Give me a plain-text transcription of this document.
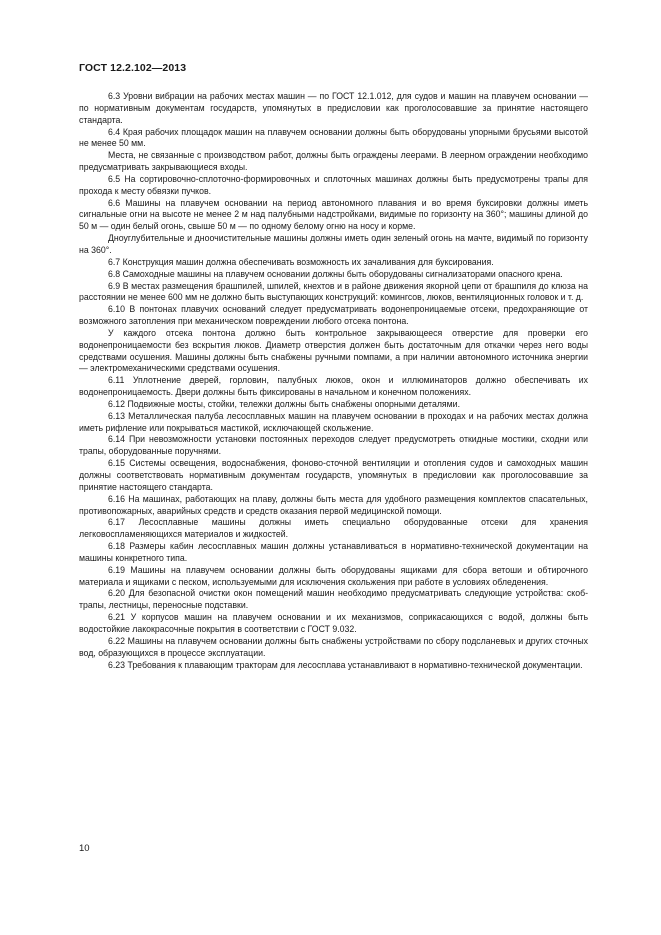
ГОСТ 12.2.102—2013

6.3 Уровни вибрации на рабочих местах машин — по ГОСТ 12.1.012, для судов и машин на плавучем основании — по нормативным документам государств, упомянутых в предисловии как проголосовавшие за принятие настоящего стандарта.

6.4 Края рабочих площадок машин на плавучем основании должны быть оборудованы упорными брусьями высотой не менее 50 мм.

Места, не связанные с производством работ, должны быть ограждены леерами. В леерном ограждении необходимо предусматривать закрывающиеся входы.

6.5 На сортировочно-сплоточно-формировочных и сплоточных машинах должны быть предусмотрены трапы для прохода к месту обвязки пучков.

6.6 Машины на плавучем основании на период автономного плавания и во время буксировки должны иметь сигнальные огни на высоте не менее 2 м над палубными надстройками, видимые по горизонту на 360°; машины длиной до 50 м — один белый огонь, свыше 50 м — по одному белому огню на носу и корме.

Дноуглубительные и дноочистительные машины должны иметь один зеленый огонь на мачте, видимый по горизонту на 360°.

6.7 Конструкция машин должна обеспечивать возможность их зачаливания для буксирования.

6.8 Самоходные машины на плавучем основании должны быть оборудованы сигнализаторами опасного крена.

6.9 В местах размещения брашпилей, шпилей, кнехтов и в районе движения якорной цепи от брашпиля до клюза на расстоянии не менее 600 мм не должно быть выступающих конструкций: комингсов, люков, вентиляционных головок и т. д.

6.10 В понтонах плавучих оснований следует предусматривать водонепроницаемые отсеки, предохраняющие от возможного затопления при механическом повреждении любого отсека понтона.

У каждого отсека понтона должно быть контрольное закрывающееся отверстие для проверки его водонепроницаемости без вскрытия люков. Диаметр отверстия должен быть достаточным для откачки через него воды средствами осушения. Машины должны быть снабжены ручными помпами, а при наличии автономного источника энергии — электромеханическими средствами осушения.

6.11 Уплотнение дверей, горловин, палубных люков, окон и иллюминаторов должно обеспечивать их водонепроницаемость. Двери должны быть фиксированы в начальном и конечном положениях.

6.12 Подвижные мосты, стойки, тележки должны быть снабжены опорными деталями.

6.13 Металлическая палуба лесосплавных машин на плавучем основании в проходах и на рабочих местах должна иметь рифление или покрываться мастикой, исключающей скольжение.

6.14 При невозможности установки постоянных переходов следует предусмотреть откидные мостики, сходни или трапы, оборудованные поручнями.

6.15 Системы освещения, водоснабжения, фоново-сточной вентиляции и отопления судов и самоходных машин должны соответствовать нормативным документам государств, упомянутых в предисловии как проголосовавшие за принятие настоящего стандарта.

6.16 На машинах, работающих на плаву, должны быть места для удобного размещения комплектов спасательных, противопожарных, аварийных средств и средств оказания первой медицинской помощи.

6.17 Лесосплавные машины должны иметь специально оборудованные отсеки для хранения легковоспламеняющихся материалов и жидкостей.

6.18 Размеры кабин лесосплавных машин должны устанавливаться в нормативно-технической документации на машины конкретного типа.

6.19 Машины на плавучем основании должны быть оборудованы ящиками для сбора ветоши и обтирочного материала и ящиками с песком, используемыми для исключения скольжения при работе в условиях обледенения.

6.20 Для безопасной очистки окон помещений машин необходимо предусматривать следующие устройства: скоб-трапы, лестницы, переносные подставки.

6.21 У корпусов машин на плавучем основании и их механизмов, соприкасающихся с водой, должны быть водостойкие лакокрасочные покрытия в соответствии с ГОСТ 9.032.

6.22 Машины на плавучем основании должны быть снабжены устройствами по сбору подсланевых и других сточных вод, образующихся в процессе эксплуатации.

6.23 Требования к плавающим тракторам для лесосплава устанавливают в нормативно-технической документации.

10
